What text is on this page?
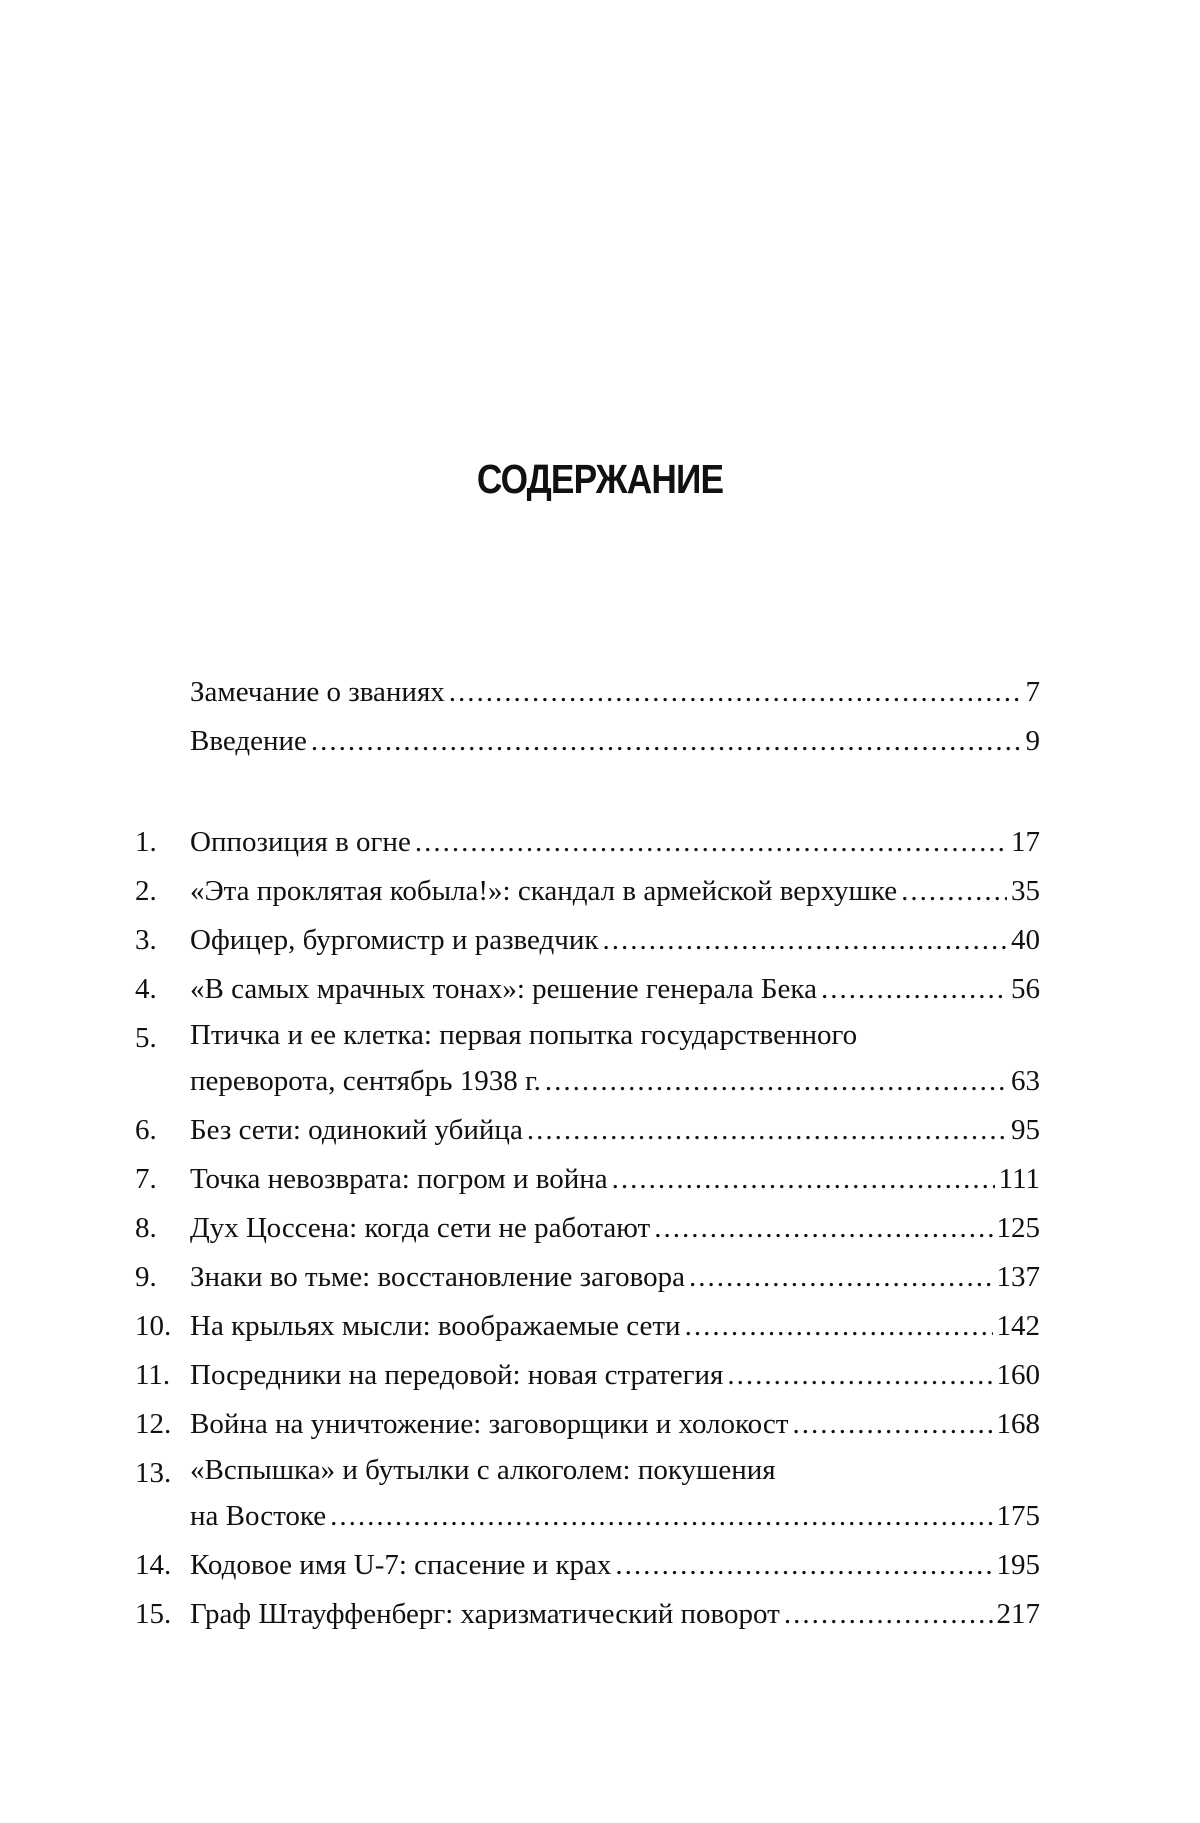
СОДЕРЖАНИЕ
Замечание о званиях .....	7
Введение .....	9
1. Оппозиция в огне .....	17
2. «Эта проклятая кобыла!»: скандал в армейской верхушке .....	35
3. Офицер, бургомистр и разведчик .....	40
4. «В самых мрачных тонах»: решение генерала Бека .....	56
5. Птичка и ее клетка: первая попытка государственного
переворота, сентябрь 1938 г. .....	63
6. Без сети: одинокий убийца .....	95
7. Точка невозврата: погром и война .....	111
8. Дух Цоссена: когда сети не работают .....	125
9. Знаки во тьме: восстановление заговора .....	137
10. На крыльях мысли: воображаемые сети .....	142
11. Посредники на передовой: новая стратегия .....	160
12. Война на уничтожение: заговорщики и холокост .....	168
13. «Вспышка» и бутылки с алкоголем: покушения
на Востоке .....	175
14. Кодовое имя U-7: спасение и крах .....	195
15. Граф Штауффенберг: харизматический поворот .....	217
